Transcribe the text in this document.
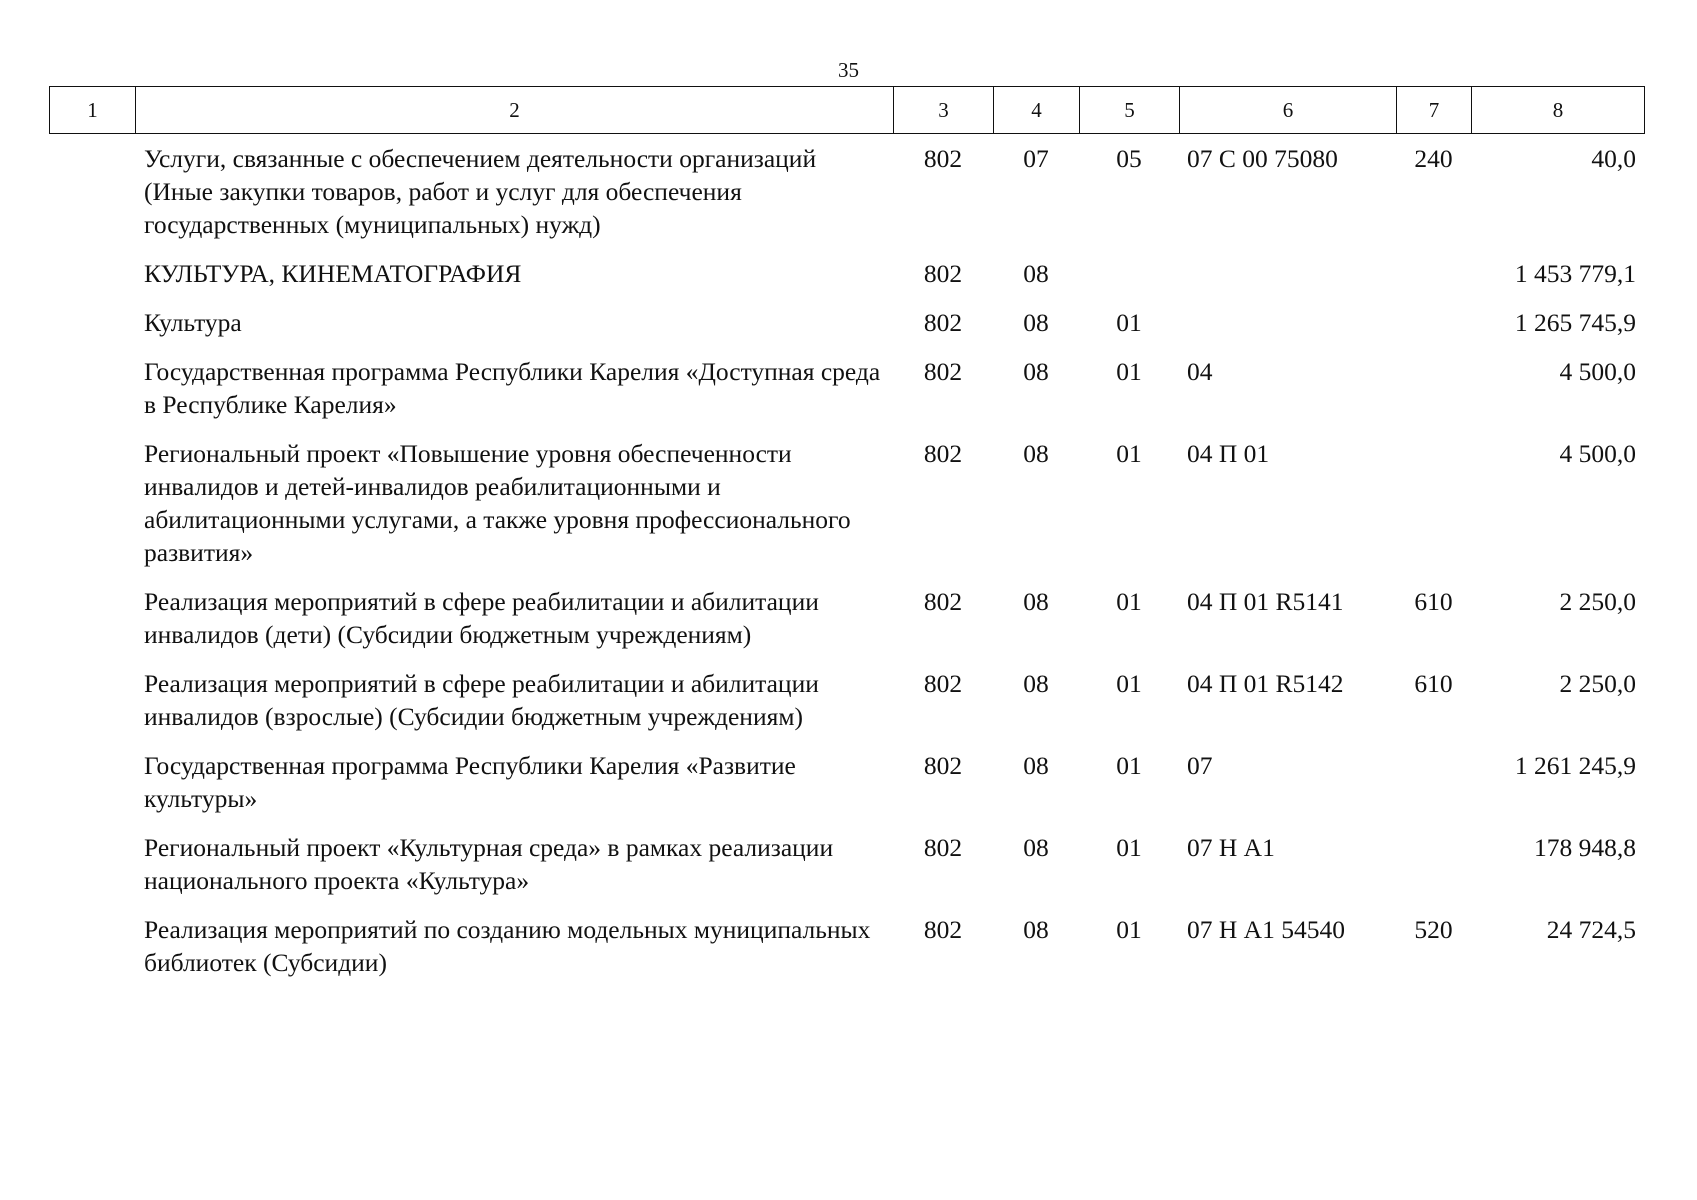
35
1	2	3	4	5	6	7	8
Услуги, связанные с обеспечением деятельности организаций (Иные закупки товаров, работ и услуг для обеспечения государственных (муниципальных) нужд)	802	07	05	07 С 00 75080	240	40,0
КУЛЬТУРА, КИНЕМАТОГРАФИЯ	802	08				1 453 779,1
Культура	802	08	01			1 265 745,9
Государственная программа Республики Карелия «Доступная среда в Республике Карелия»	802	08	01	04		4 500,0
Региональный проект «Повышение уровня обеспеченности инвалидов и детей-инвалидов реабилитационными и абилитационными услугами, а также уровня профессионального развития»	802	08	01	04 П 01		4 500,0
Реализация мероприятий в сфере реабилитации и абилитации инвалидов (дети) (Субсидии бюджетным учреждениям)	802	08	01	04 П 01 R5141	610	2 250,0
Реализация мероприятий в сфере реабилитации и абилитации инвалидов (взрослые) (Субсидии бюджетным учреждениям)	802	08	01	04 П 01 R5142	610	2 250,0
Государственная программа Республики Карелия «Развитие культуры»	802	08	01	07		1 261 245,9
Региональный проект «Культурная среда» в рамках реализации национального проекта «Культура»	802	08	01	07 Н А1		178 948,8
Реализация мероприятий по созданию модельных муниципальных библиотек (Субсидии)	802	08	01	07 Н А1 54540	520	24 724,5
